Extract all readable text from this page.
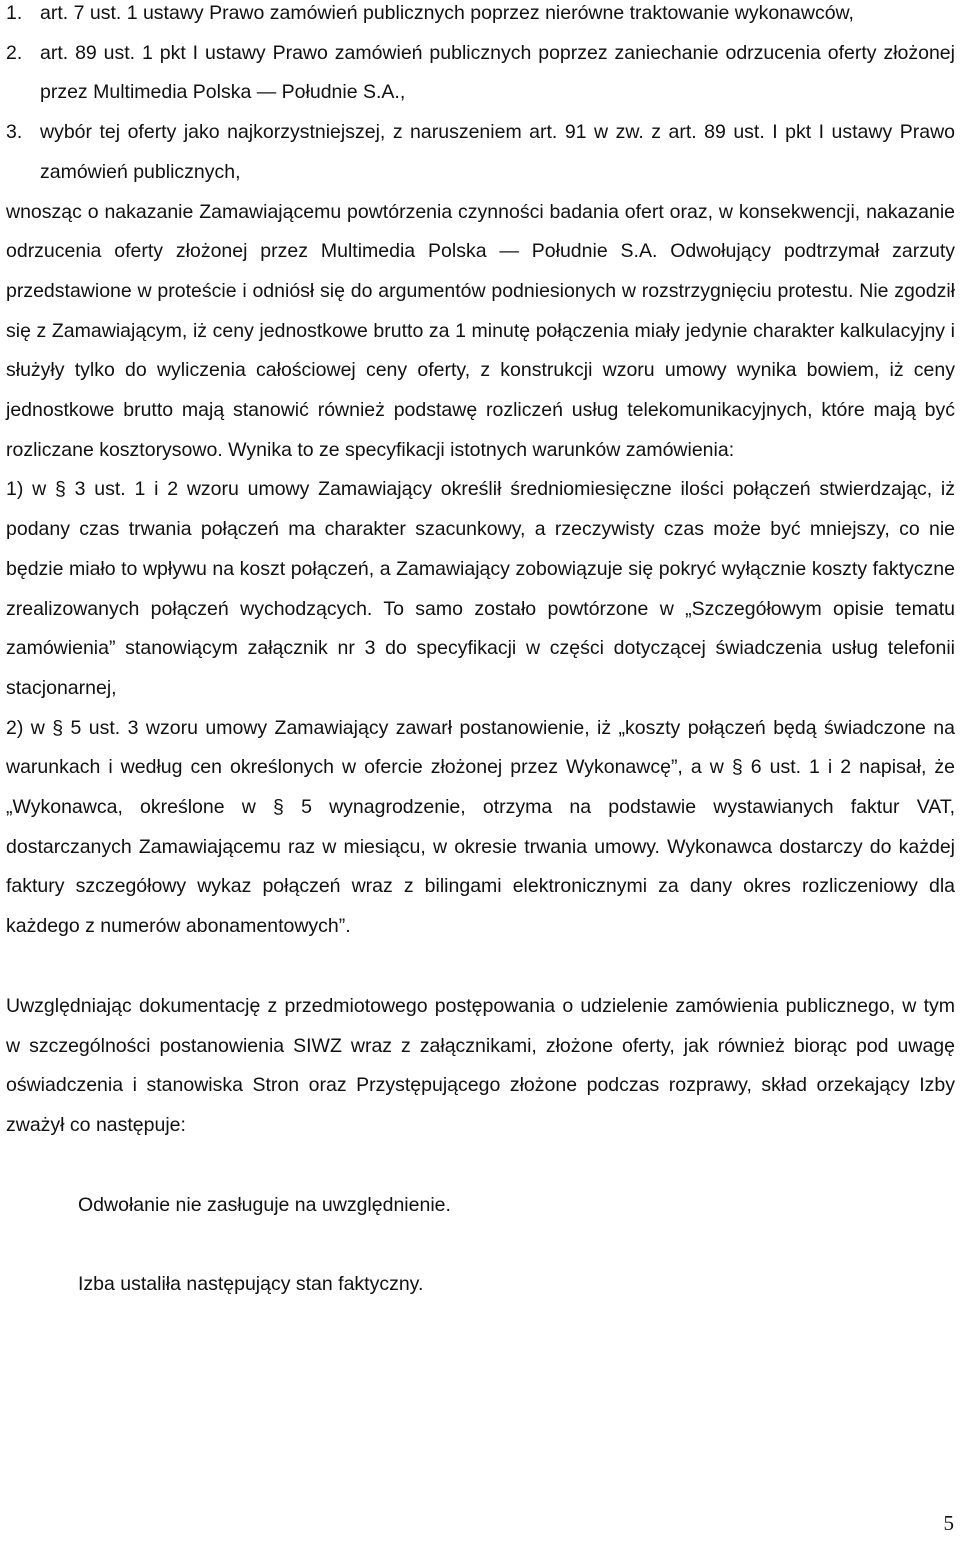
1. art. 7 ust. 1 ustawy Prawo zamówień publicznych poprzez nierówne traktowanie wykonawców,
2. art. 89 ust. 1 pkt I ustawy Prawo zamówień publicznych poprzez zaniechanie odrzucenia oferty złożonej przez Multimedia Polska — Południe S.A.,
3. wybór tej oferty jako najkorzystniejszej, z naruszeniem art. 91 w zw. z art. 89 ust. I pkt I ustawy Prawo zamówień publicznych,

wnosząc o nakazanie Zamawiającemu powtórzenia czynności badania ofert oraz, w konsekwencji, nakazanie odrzucenia oferty złożonej przez Multimedia Polska — Południe S.A. Odwołujący podtrzymał zarzuty przedstawione w proteście i odniósł się do argumentów podniesionych w rozstrzygnięciu protestu. Nie zgodził się z Zamawiającym, iż ceny jednostkowe brutto za 1 minutę połączenia miały jedynie charakter kalkulacyjny i służyły tylko do wyliczenia całościowej ceny oferty, z konstrukcji wzoru umowy wynika bowiem, iż ceny jednostkowe brutto mają stanowić również podstawę rozliczeń usług telekomunikacyjnych, które mają być rozliczane kosztorysowo. Wynika to ze specyfikacji istotnych warunków zamówienia:

1) w § 3 ust. 1 i 2 wzoru umowy Zamawiający określił średniomiesięczne ilości połączeń stwierdzając, iż podany czas trwania połączeń ma charakter szacunkowy, a rzeczywisty czas może być mniejszy, co nie będzie miało to wpływu na koszt połączeń, a Zamawiający zobowiązuje się pokryć wyłącznie koszty faktyczne zrealizowanych połączeń wychodzących. To samo zostało powtórzone w „Szczegółowym opisie tematu zamówienia” stanowiącym załącznik nr 3 do specyfikacji w części dotyczącej świadczenia usług telefonii stacjonarnej,

2) w § 5 ust. 3 wzoru umowy Zamawiający zawarł postanowienie, iż „koszty połączeń będą świadczone na warunkach i według cen określonych w ofercie złożonej przez Wykonawcę”, a w § 6 ust. 1 i 2 napisał, że „Wykonawca, określone w § 5 wynagrodzenie, otrzyma na podstawie wystawianych faktur VAT, dostarczanych Zamawiającemu raz w miesiącu, w okresie trwania umowy. Wykonawca dostarczy do każdej faktury szczegółowy wykaz połączeń wraz z bilingami elektronicznymi za dany okres rozliczeniowy dla każdego z numerów abonamentowych”.

Uwzględniając dokumentację z przedmiotowego postępowania o udzielenie zamówienia publicznego, w tym w szczególności postanowienia SIWZ wraz z załącznikami, złożone oferty, jak również biorąc pod uwagę oświadczenia i stanowiska Stron oraz Przystępującego złożone podczas rozprawy, skład orzekający Izby zważył co następuje:

Odwołanie nie zasługuje na uwzględnienie.

Izba ustaliła następujący stan faktyczny.

5
